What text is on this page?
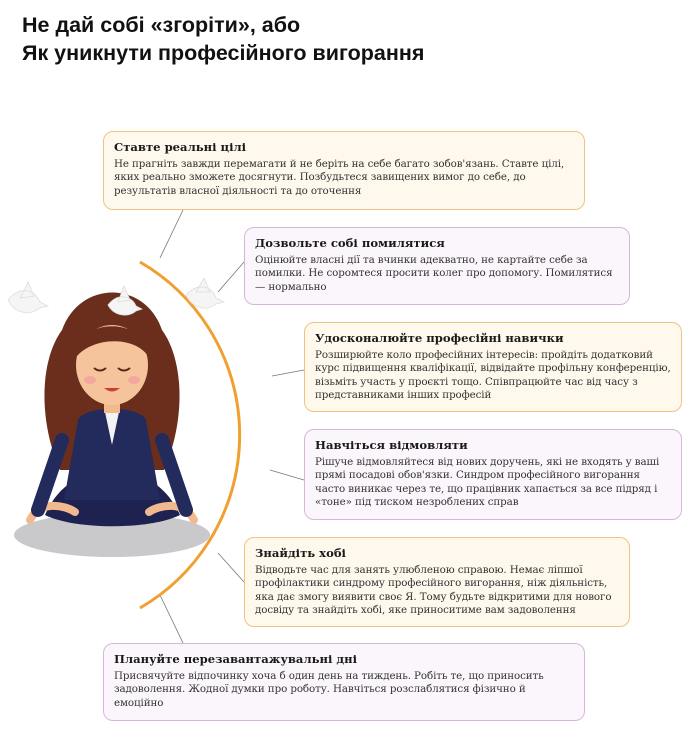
Не дай собі «згоріти», або
Як уникнути професійного вигорання
Ставте реальні цілі

Не прагніть завжди перемагати й не беріть на себе багато зобов'язань. Ставте цілі, яких реально зможете досягнути. Позбудьтеся завищених вимог до себе, до результатів власної діяльності та до оточення

Дозвольте собі помилятися

Оцінюйте власні дії та вчинки адекватно, не картайте себе за помилки. Не соромтеся просити колег про допомогу. Помилятися — нормально

Удосконалюйте професійні навички

Розширюйте коло професійних інтересів: пройдіть додатковий курс підвищення кваліфікації, відвідайте профільну конференцію, візьміть участь у проєкті тощо. Співпрацюйте час від часу з представниками інших професій

Навчіться відмовляти

Рішуче відмовляйтеся від нових доручень, які не входять у ваші прямі посадові обов'язки. Синдром професійного вигорання часто виникає через те, що працівник хапається за все підряд і «тоне» під тиском незроблених справ

Знайдіть хобі

Відводьте час для занять улюбленою справою. Немає ліпшої профілактики синдрому професійного вигорання, ніж діяльність, яка дає змогу виявити своє Я. Тому будьте відкритими для нового досвіду та знайдіть хобі, яке приноситиме вам задоволення

Плануйте перезавантажувальні дні

Присвячуйте відпочинку хоча б один день на тиждень. Робіть те, що приносить задоволення. Жодної думки про роботу. Навчіться розслаблятися фізично й емоційно
